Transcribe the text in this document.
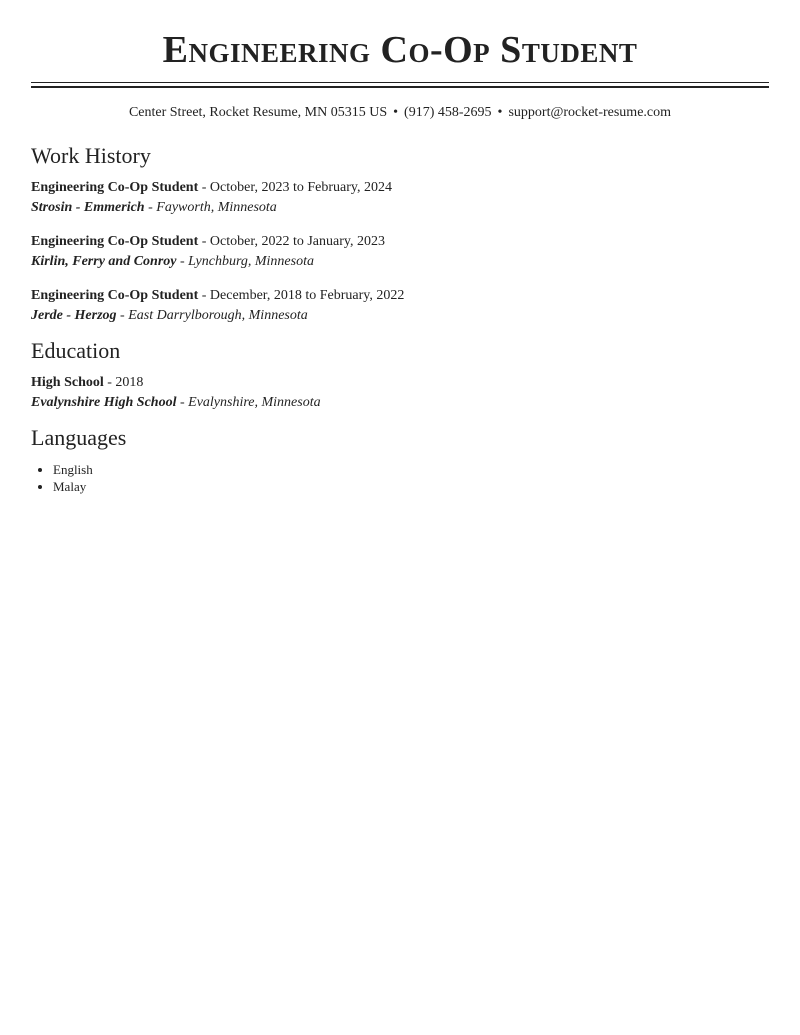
Engineering Co-Op Student
Center Street, Rocket Resume, MN 05315 US • (917) 458-2695 • support@rocket-resume.com
Work History
Engineering Co-Op Student - October, 2023 to February, 2024
Strosin - Emmerich - Fayworth, Minnesota
Engineering Co-Op Student - October, 2022 to January, 2023
Kirlin, Ferry and Conroy - Lynchburg, Minnesota
Engineering Co-Op Student - December, 2018 to February, 2022
Jerde - Herzog - East Darrylborough, Minnesota
Education
High School - 2018
Evalynshire High School - Evalynshire, Minnesota
Languages
• English
• Malay
